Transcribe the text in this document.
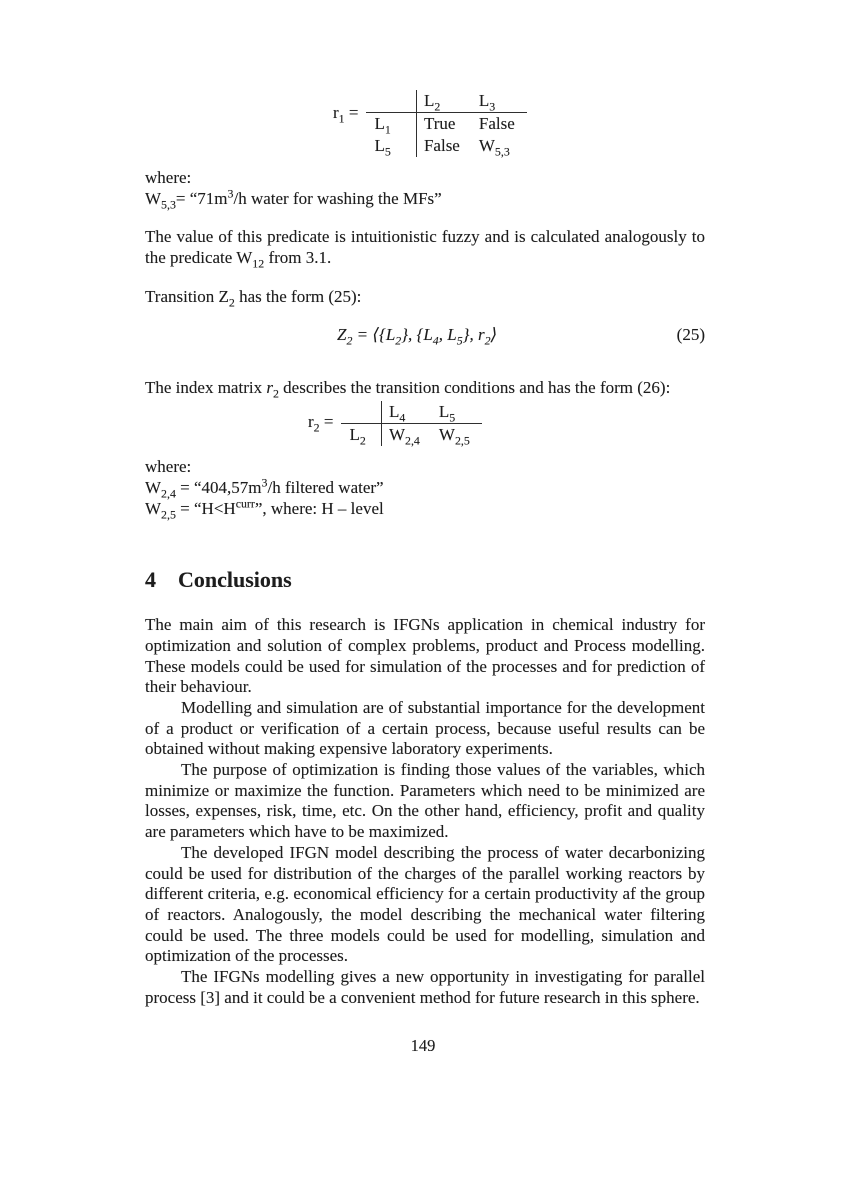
$r_1$ =
	$L_2$	$L_3$
$L_1$	True	False
$L_5$	False	$W_{5,3}$

where:

$W_{5,3}=$ “$71m^3/h$ water for washing the MFs”

The value of this predicate is intuitionistic fuzzy and is calculated analogously to the predicate $W_{12}$ from 3.1.

Transition $Z_2$ has the form (25):

$Z_2$ = $⟨\{L_2\}$, {$L_4$, $L_5$}, $r_2⟩$	(25)

The index matrix $r_2$ describes the transition conditions and has the form (26):

$r_2$ =
	$L_4$	$L_5$
$L_2$	$W_{2,4}$	$W_{2,5}$

where:

$W_{2,4}$ = “$404,57m^3/h$ filtered water”

$W_{2,5}$ = “$H<H^{curr}$”, where: H – level

4	Conclusions

The main aim of this research is IFGNs application in chemical industry for optimization and solution of complex problems, product and Process modelling. These models could be used for simulation of the processes and for prediction of their behaviour.

Modelling and simulation are of substantial importance for the development of a product or verification of a certain process, because useful results can be obtained without making expensive laboratory experiments.

The purpose of optimization is finding those values of the variables, which minimize or maximize the function. Parameters which need to be minimized are losses, expenses, risk, time, etc. On the other hand, efficiency, profit and quality are parameters which have to be maximized.

The developed IFGN model describing the process of water decarbonizing could be used for distribution of the charges of the parallel working reactors by different criteria, e.g. economical efficiency for a certain productivity af the group of reactors. Analogously, the model describing the mechanical water filtering could be used. The three models could be used for modelling, simulation and optimization of the processes.

The IFGNs modelling gives a new opportunity in investigating for parallel process [3] and it could be a convenient method for future research in this sphere.

149
